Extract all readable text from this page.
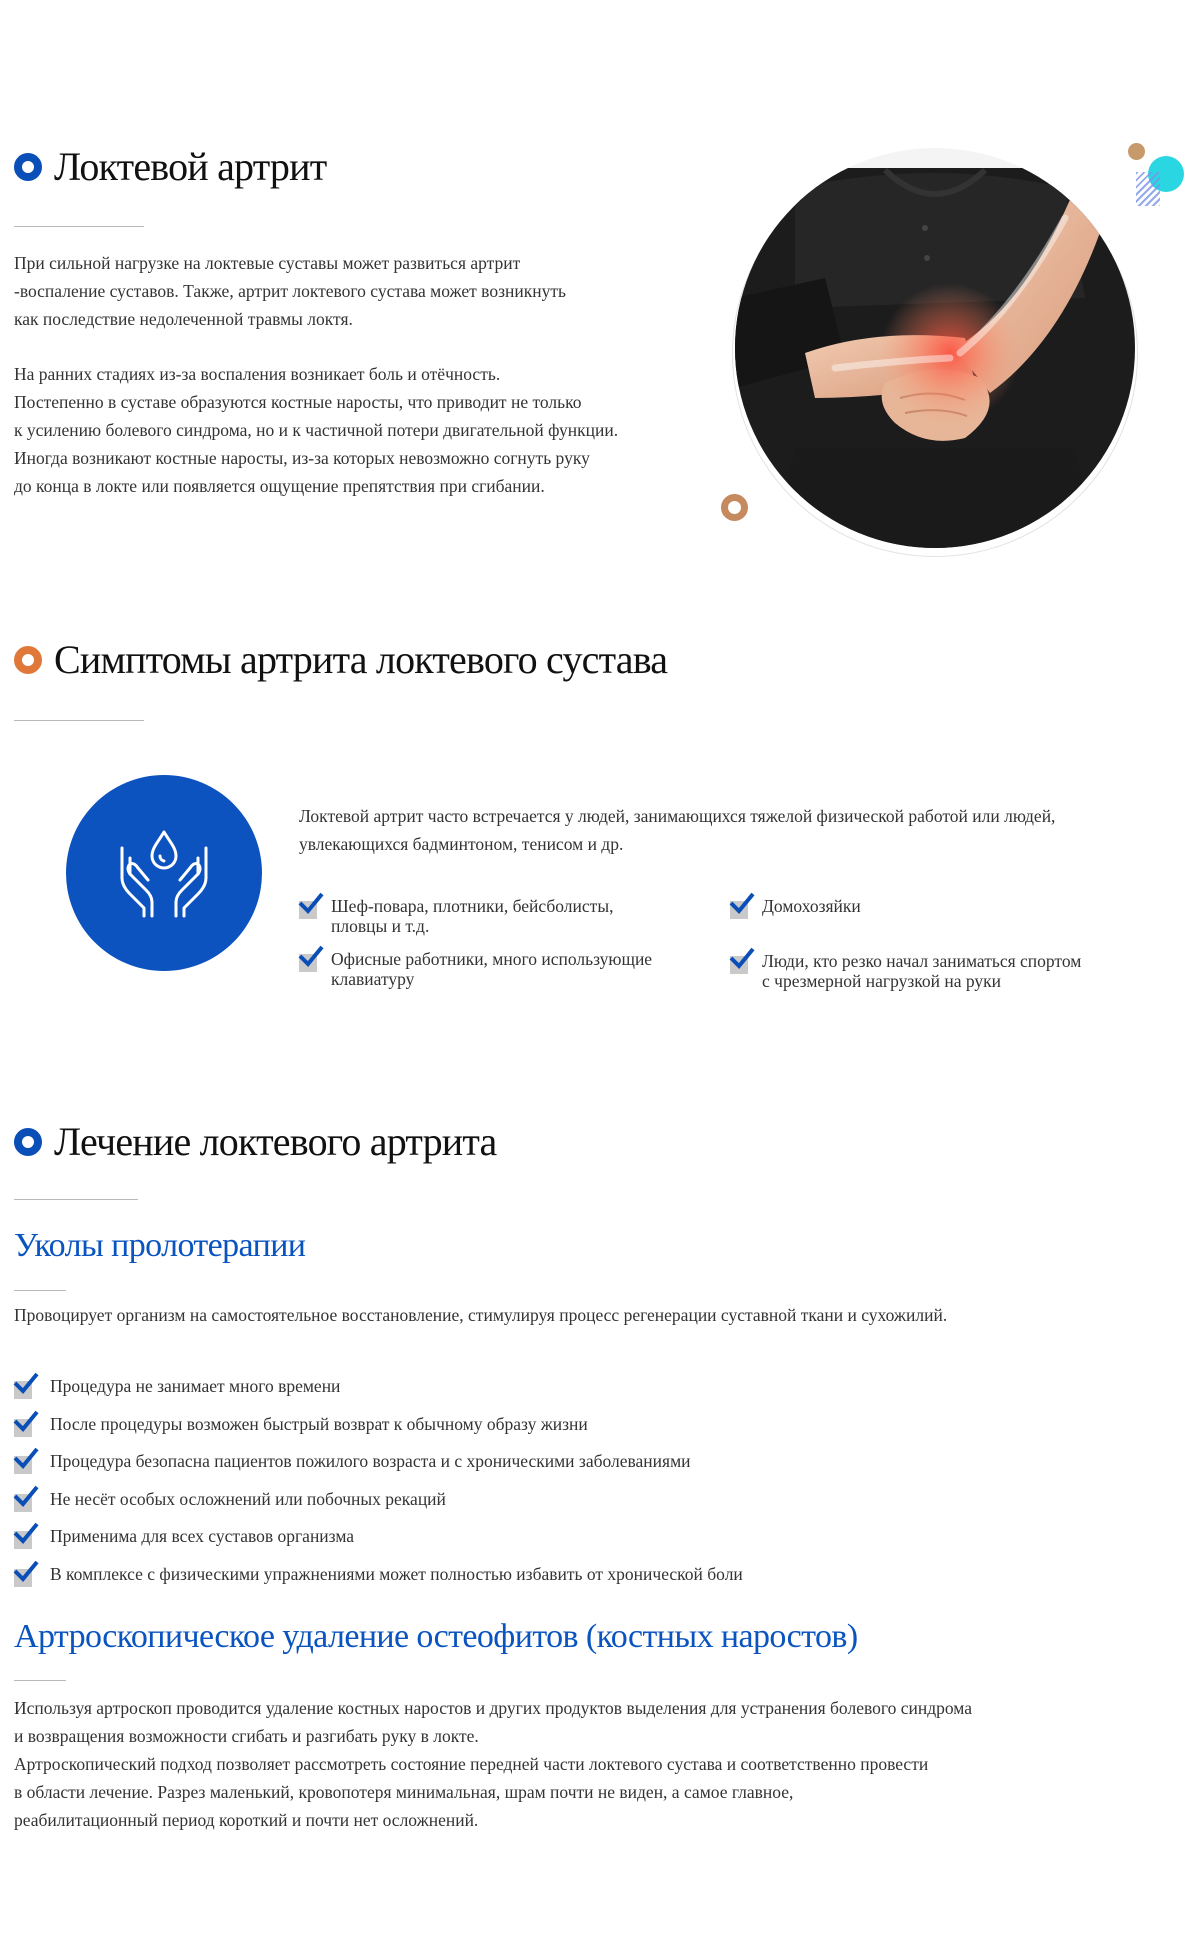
Локтевой артрит

При сильной нагрузке на локтевые суставы может развиться артрит
-воспаление суставов. Также, артрит локтевого сустава может возникнуть
как последствие недолеченной травмы локтя.

На ранних стадиях из-за воспаления возникает боль и отёчность.
Постепенно в суставе образуются костные наросты, что приводит не только
к усилению болевого синдрома, но и к частичной потери двигательной функции.
Иногда возникают костные наросты, из-за которых невозможно согнуть руку
до конца в локте или появляется ощущение препятствия при сгибании.

Симптомы артрита локтевого сустава

Локтевой артрит часто встречается у людей, занимающихся тяжелой физической работой или людей,
увлекающихся бадминтоном, тенисом и др.

Шеф-повара, плотники, бейсболисты,
пловцы и т.д.
Домохозяйки
Офисные работники, много использующие
клавиатуру
Люди, кто резко начал заниматься спортом
с чрезмерной нагрузкой на руки
Лечение локтевого артрита
Уколы пролотерапии

Провоцирует организм на самостоятельное восстановление, стимулируя процесс регенерации суставной ткани и сухожилий.

Процедура не занимает много времени
После процедуры возможен быстрый возврат к обычному образу жизни
Процедура безопасна пациентов пожилого возраста и с хроническими заболеваниями
Не несёт особых осложнений или побочных рекаций
Применима для всех суставов организма
В комплексе с физическими упражнениями может полностью избавить от хронической боли
Артроскопическое удаление остеофитов (костных наростов)

Используя артроскоп проводится удаление костных наростов и других продуктов выделения для устранения болевого синдрома
и возвращения возможности сгибать и разгибать руку в локте.
Артроскопический подход позволяет рассмотреть состояние передней части локтевого сустава и соответственно провести
в области лечение. Разрез маленький, кровопотеря минимальная, шрам почти не виден, а самое главное,
реабилитационный период короткий и почти нет осложнений.
